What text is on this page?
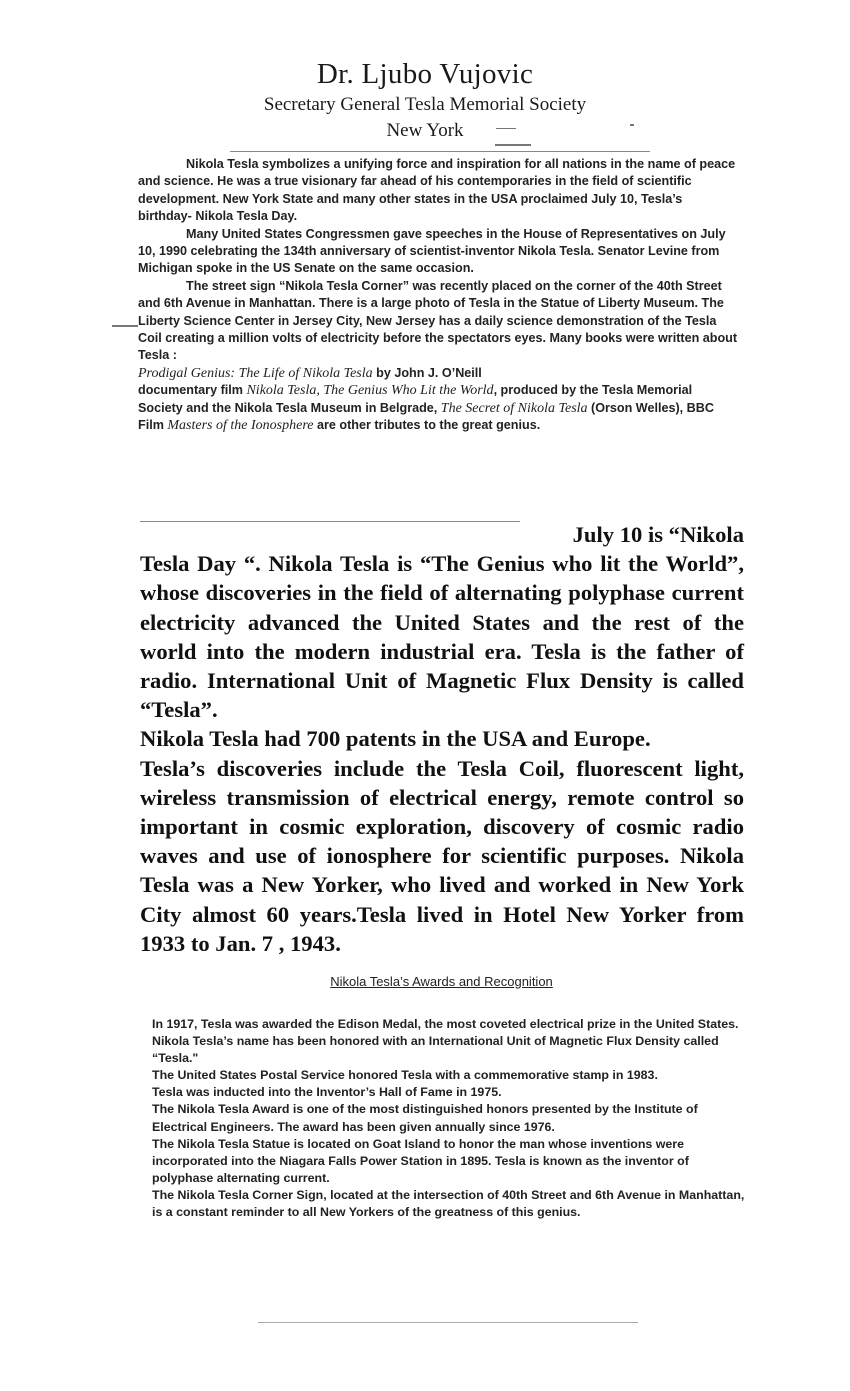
Dr. Ljubo Vujovic
Secretary General Tesla Memorial Society
New York

Nikola Tesla symbolizes a unifying force and inspiration for all nations in the name of peace and science. He was a true visionary far ahead of his contemporaries in the field of scientific development. New York State and many other states in the USA proclaimed July 10, Tesla’s birthday- Nikola Tesla Day.

Many United States Congressmen gave speeches in the House of Representatives on July 10, 1990 celebrating the 134th anniversary of scientist-inventor Nikola Tesla. Senator Levine from Michigan spoke in the US Senate on the same occasion.

The street sign “Nikola Tesla Corner” was recently placed on the corner of the 40th Street and 6th Avenue in Manhattan. There is a large photo of Tesla in the Statue of Liberty Museum. The Liberty Science Center in Jersey City, New Jersey has a daily science demonstration of the Tesla Coil creating a million volts of electricity before the spectators eyes. Many books were written about Tesla :

Prodigal Genius: The Life of Nikola Tesla by John J. O’Neill
documentary film Nikola Tesla, The Genius Who Lit the World, produced by the Tesla Memorial Society and the Nikola Tesla Museum in Belgrade, The Secret of Nikola Tesla (Orson Welles), BBC Film Masters of the Ionosphere are other tributes to the great genius.

July 10 is “Nikola
Tesla Day “. Nikola Tesla is “The Genius who lit the World”, whose discoveries in the field of alternating polyphase current electricity advanced the United States and the rest of the world into the modern industrial era. Tesla is the father of radio. International Unit of Magnetic Flux Density is called “Tesla”.

Nikola Tesla had 700 patents in the USA and Europe.

Tesla’s discoveries include the Tesla Coil, fluorescent light, wireless transmission of electrical energy, remote control so important in cosmic exploration, discovery of cosmic radio waves and use of ionosphere for scientific purposes. Nikola Tesla was a New Yorker, who lived and worked in New York City almost 60 years.Tesla lived in Hotel New Yorker from 1933 to Jan. 7 , 1943.

Nikola Tesla’s Awards and Recognition

In 1917, Tesla was awarded the Edison Medal, the most coveted electrical prize in the United States.

Nikola Tesla’s name has been honored with an International Unit of Magnetic Flux Density called “Tesla."

The United States Postal Service honored Tesla with a commemorative stamp in 1983.

Tesla was inducted into the Inventor’s Hall of Fame in 1975.

The Nikola Tesla Award is one of the most distinguished honors presented by the Institute of Electrical Engineers. The award has been given annually since 1976.

The Nikola Tesla Statue is located on Goat Island to honor the man whose inventions were incorporated into the Niagara Falls Power Station in 1895. Tesla is known as the inventor of polyphase alternating current.

The Nikola Tesla Corner Sign, located at the intersection of 40th Street and 6th Avenue in Manhattan, is a constant reminder to all New Yorkers of the greatness of this genius.
